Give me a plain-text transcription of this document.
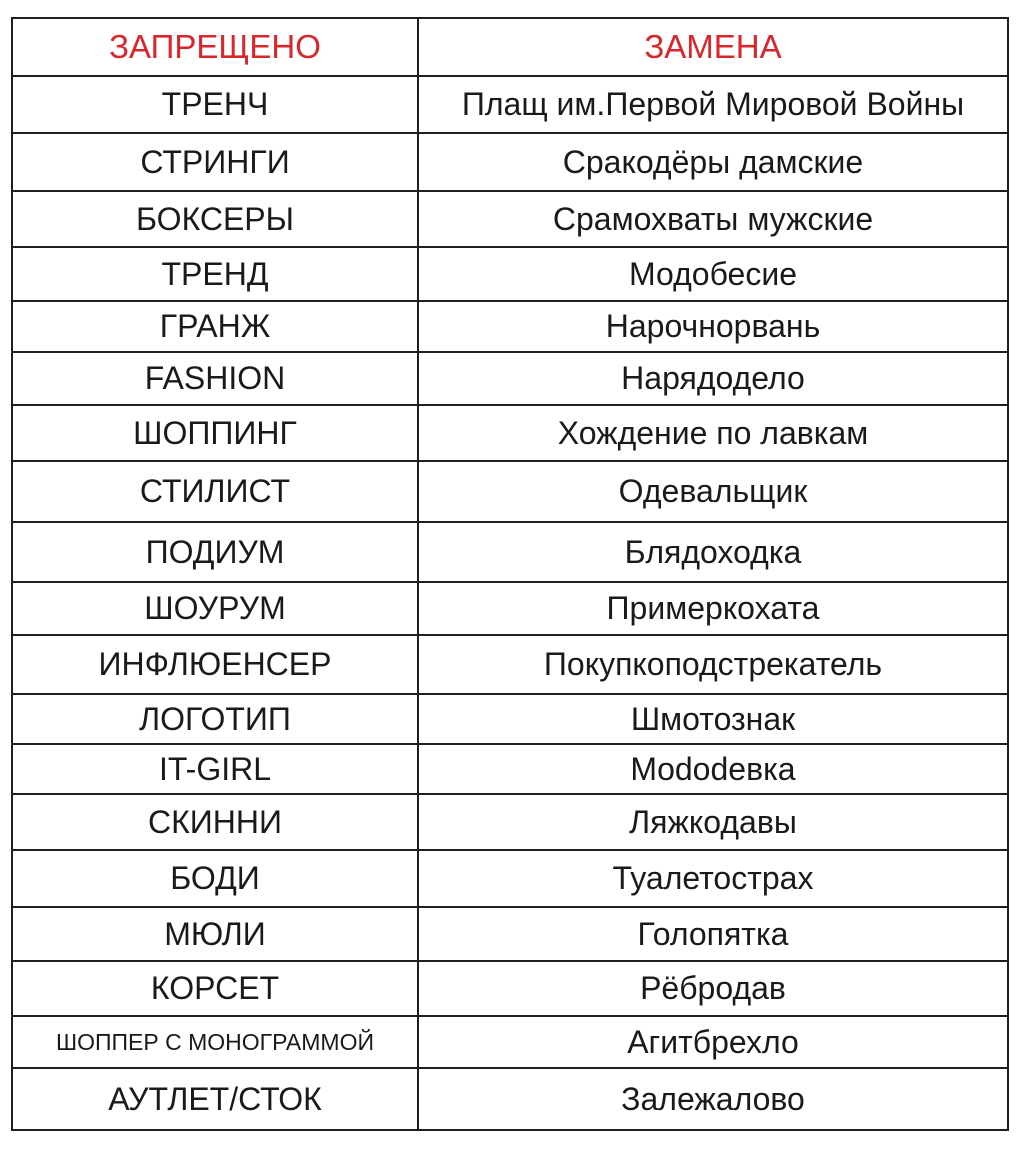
ЗАПРЕЩЕНО	ЗАМЕНА
ТРЕНЧ	Плащ им.Первой Мировой Войны
СТРИНГИ	Сракодёры дамские
БОКСЕРЫ	Срамохваты мужские
ТРЕНД	Модобесие
ГРАНЖ	Нарочнорвань
FASHION	Нарядодело
ШОППИНГ	Хождение по лавкам
СТИЛИСТ	Одевальщик
ПОДИУМ	Блядоходка
ШОУРУМ	Примеркохата
ИНФЛЮЕНСЕР	Покупкоподстрекатель
ЛОГОТИП	Шмотознак
IT-GIRL	Мododевка
СКИННИ	Ляжкодавы
БОДИ	Туалетострах
МЮЛИ	Голопятка
КОРСЕТ	Рёбродав
ШОППЕР С МОНОГРАММОЙ	Агитбрехло
АУТЛЕТ/СТОК	Залежалово
